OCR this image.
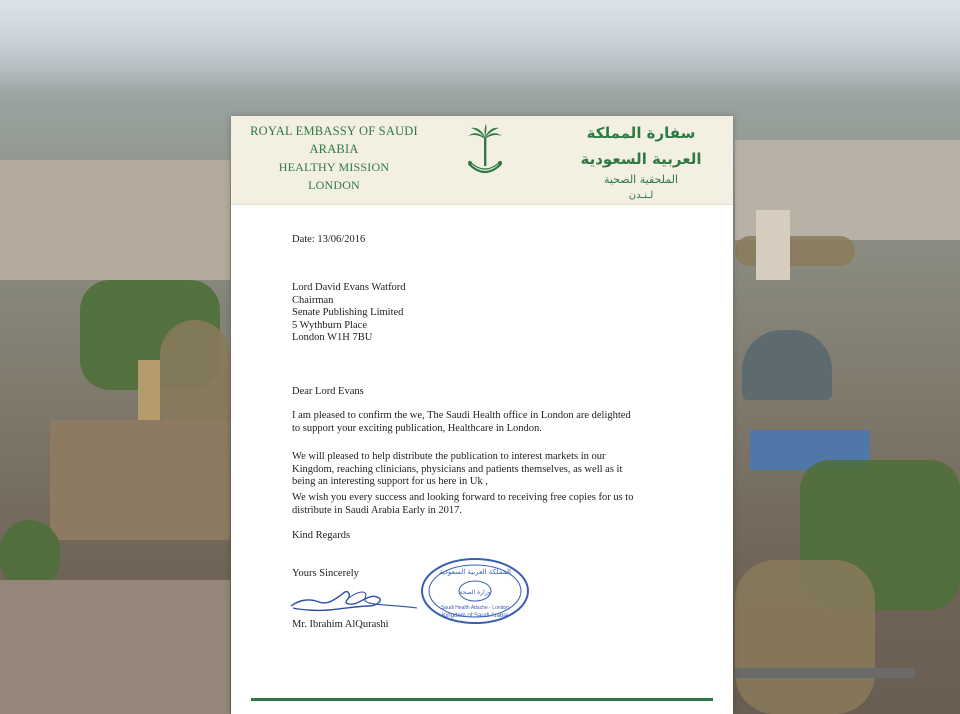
ROYAL EMBASSY OF SAUDI ARABIA
HEALTHY MISSION
LONDON
سفارة المملكة العربية السعودية
الملحقية الصحية
لـنـدن
Date: 13/06/2016
Lord David Evans Watford
Chairman
Senate Publishing Limited
5 Wythburn Place
London W1H 7BU
Dear Lord Evans
I am pleased to confirm the we, The Saudi Health office in London are delighted to support your exciting publication, Healthcare in London.
We will pleased to help distribute the publication to interest markets in our Kingdom, reaching clinicians, physicians and patients themselves, as well as it being an interesting support for us here in Uk ,
We wish you every success and looking forward to receiving free copies for us to distribute in Saudi Arabia Early in 2017.
Kind Regards
Yours Sincerely	المملكة العربية السعودية
وزارة الصحة
Saudi Health Attache - London
Kingdom of Saudi Arabia
Mr. Ibrahim AlQurashi
